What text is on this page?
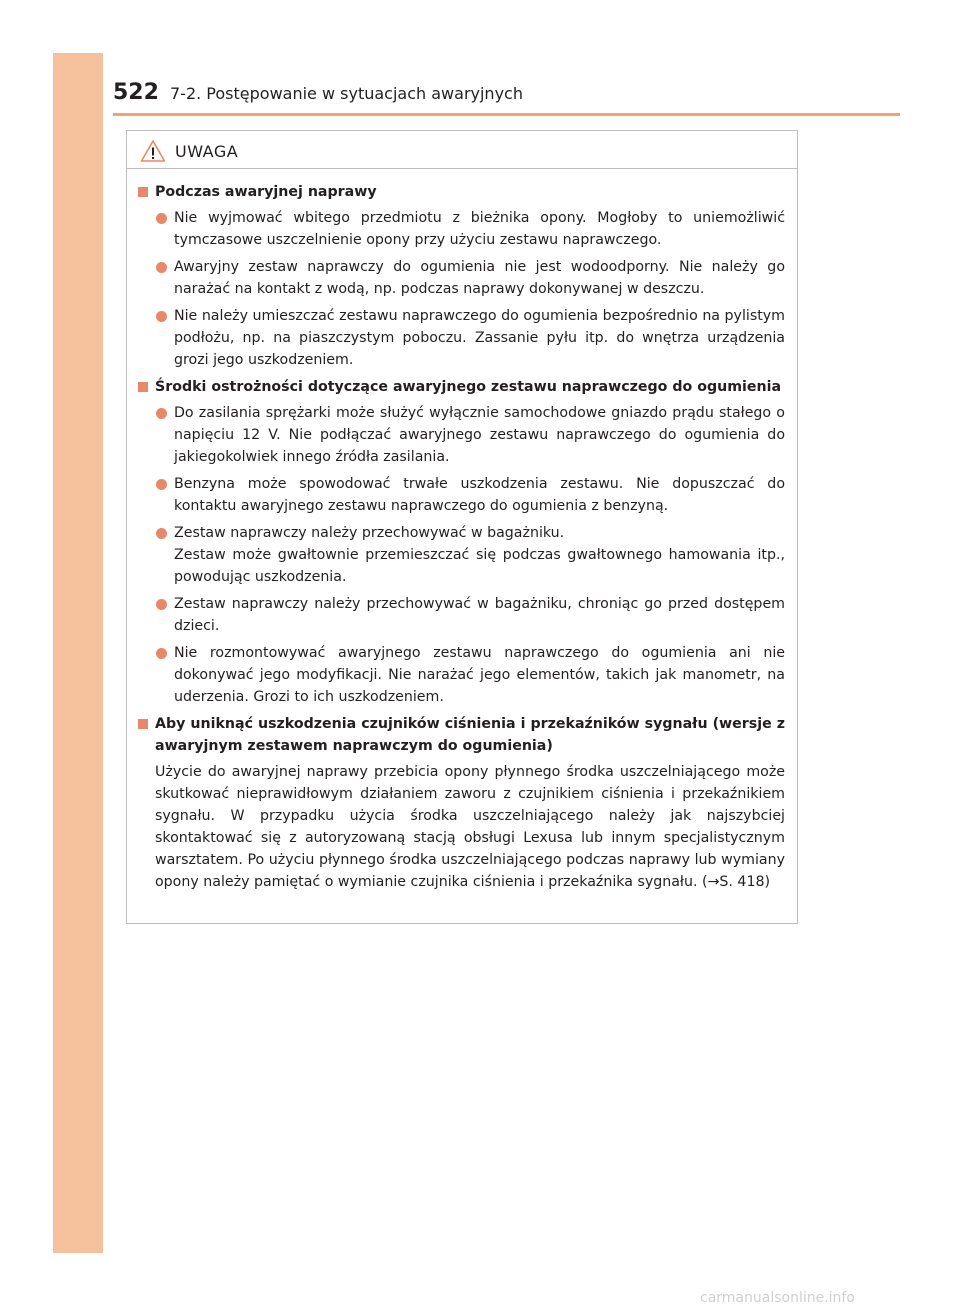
522 7-2. Postępowanie w sytuacjach awaryjnych
UWAGA
Podczas awaryjnej naprawy
Nie wyjmować wbitego przedmiotu z bieżnika opony. Mogłoby to uniemożliwić tymczasowe uszczelnienie opony przy użyciu zestawu naprawczego.
Awaryjny zestaw naprawczy do ogumienia nie jest wodoodporny. Nie należy go narażać na kontakt z wodą, np. podczas naprawy dokonywanej w deszczu.
Nie należy umieszczać zestawu naprawczego do ogumienia bezpośrednio na pylistym podłożu, np. na piaszczystym poboczu. Zassanie pyłu itp. do wnętrza urządzenia grozi jego uszkodzeniem.
Środki ostrożności dotyczące awaryjnego zestawu naprawczego do ogumienia
Do zasilania sprężarki może służyć wyłącznie samochodowe gniazdo prądu stałego o napięciu 12 V. Nie podłączać awaryjnego zestawu naprawczego do ogumienia do jakiegokolwiek innego źródła zasilania.
Benzyna może spowodować trwałe uszkodzenia zestawu. Nie dopuszczać do kontaktu awaryjnego zestawu naprawczego do ogumienia z benzyną.
Zestaw naprawczy należy przechowywać w bagażniku.
Zestaw może gwałtownie przemieszczać się podczas gwałtownego hamowania itp., powodując uszkodzenia.
Zestaw naprawczy należy przechowywać w bagażniku, chroniąc go przed dostępem dzieci.
Nie rozmontowywać awaryjnego zestawu naprawczego do ogumienia ani nie dokonywać jego modyfikacji. Nie narażać jego elementów, takich jak manometr, na uderzenia. Grozi to ich uszkodzeniem.
Aby uniknąć uszkodzenia czujników ciśnienia i przekaźników sygnału (wersje z awaryjnym zestawem naprawczym do ogumienia)
Użycie do awaryjnej naprawy przebicia opony płynnego środka uszczelniającego może skutkować nieprawidłowym działaniem zaworu z czujnikiem ciśnienia i przekaźnikiem sygnału. W przypadku użycia środka uszczelniającego należy jak najszybciej skontaktować się z autoryzowaną stacją obsługi Lexusa lub innym specjalistycznym warsztatem. Po użyciu płynnego środka uszczelniającego podczas naprawy lub wymiany opony należy pamiętać o wymianie czujnika ciśnienia i przekaźnika sygnału. (→S. 418)
carmanualsonline.info
